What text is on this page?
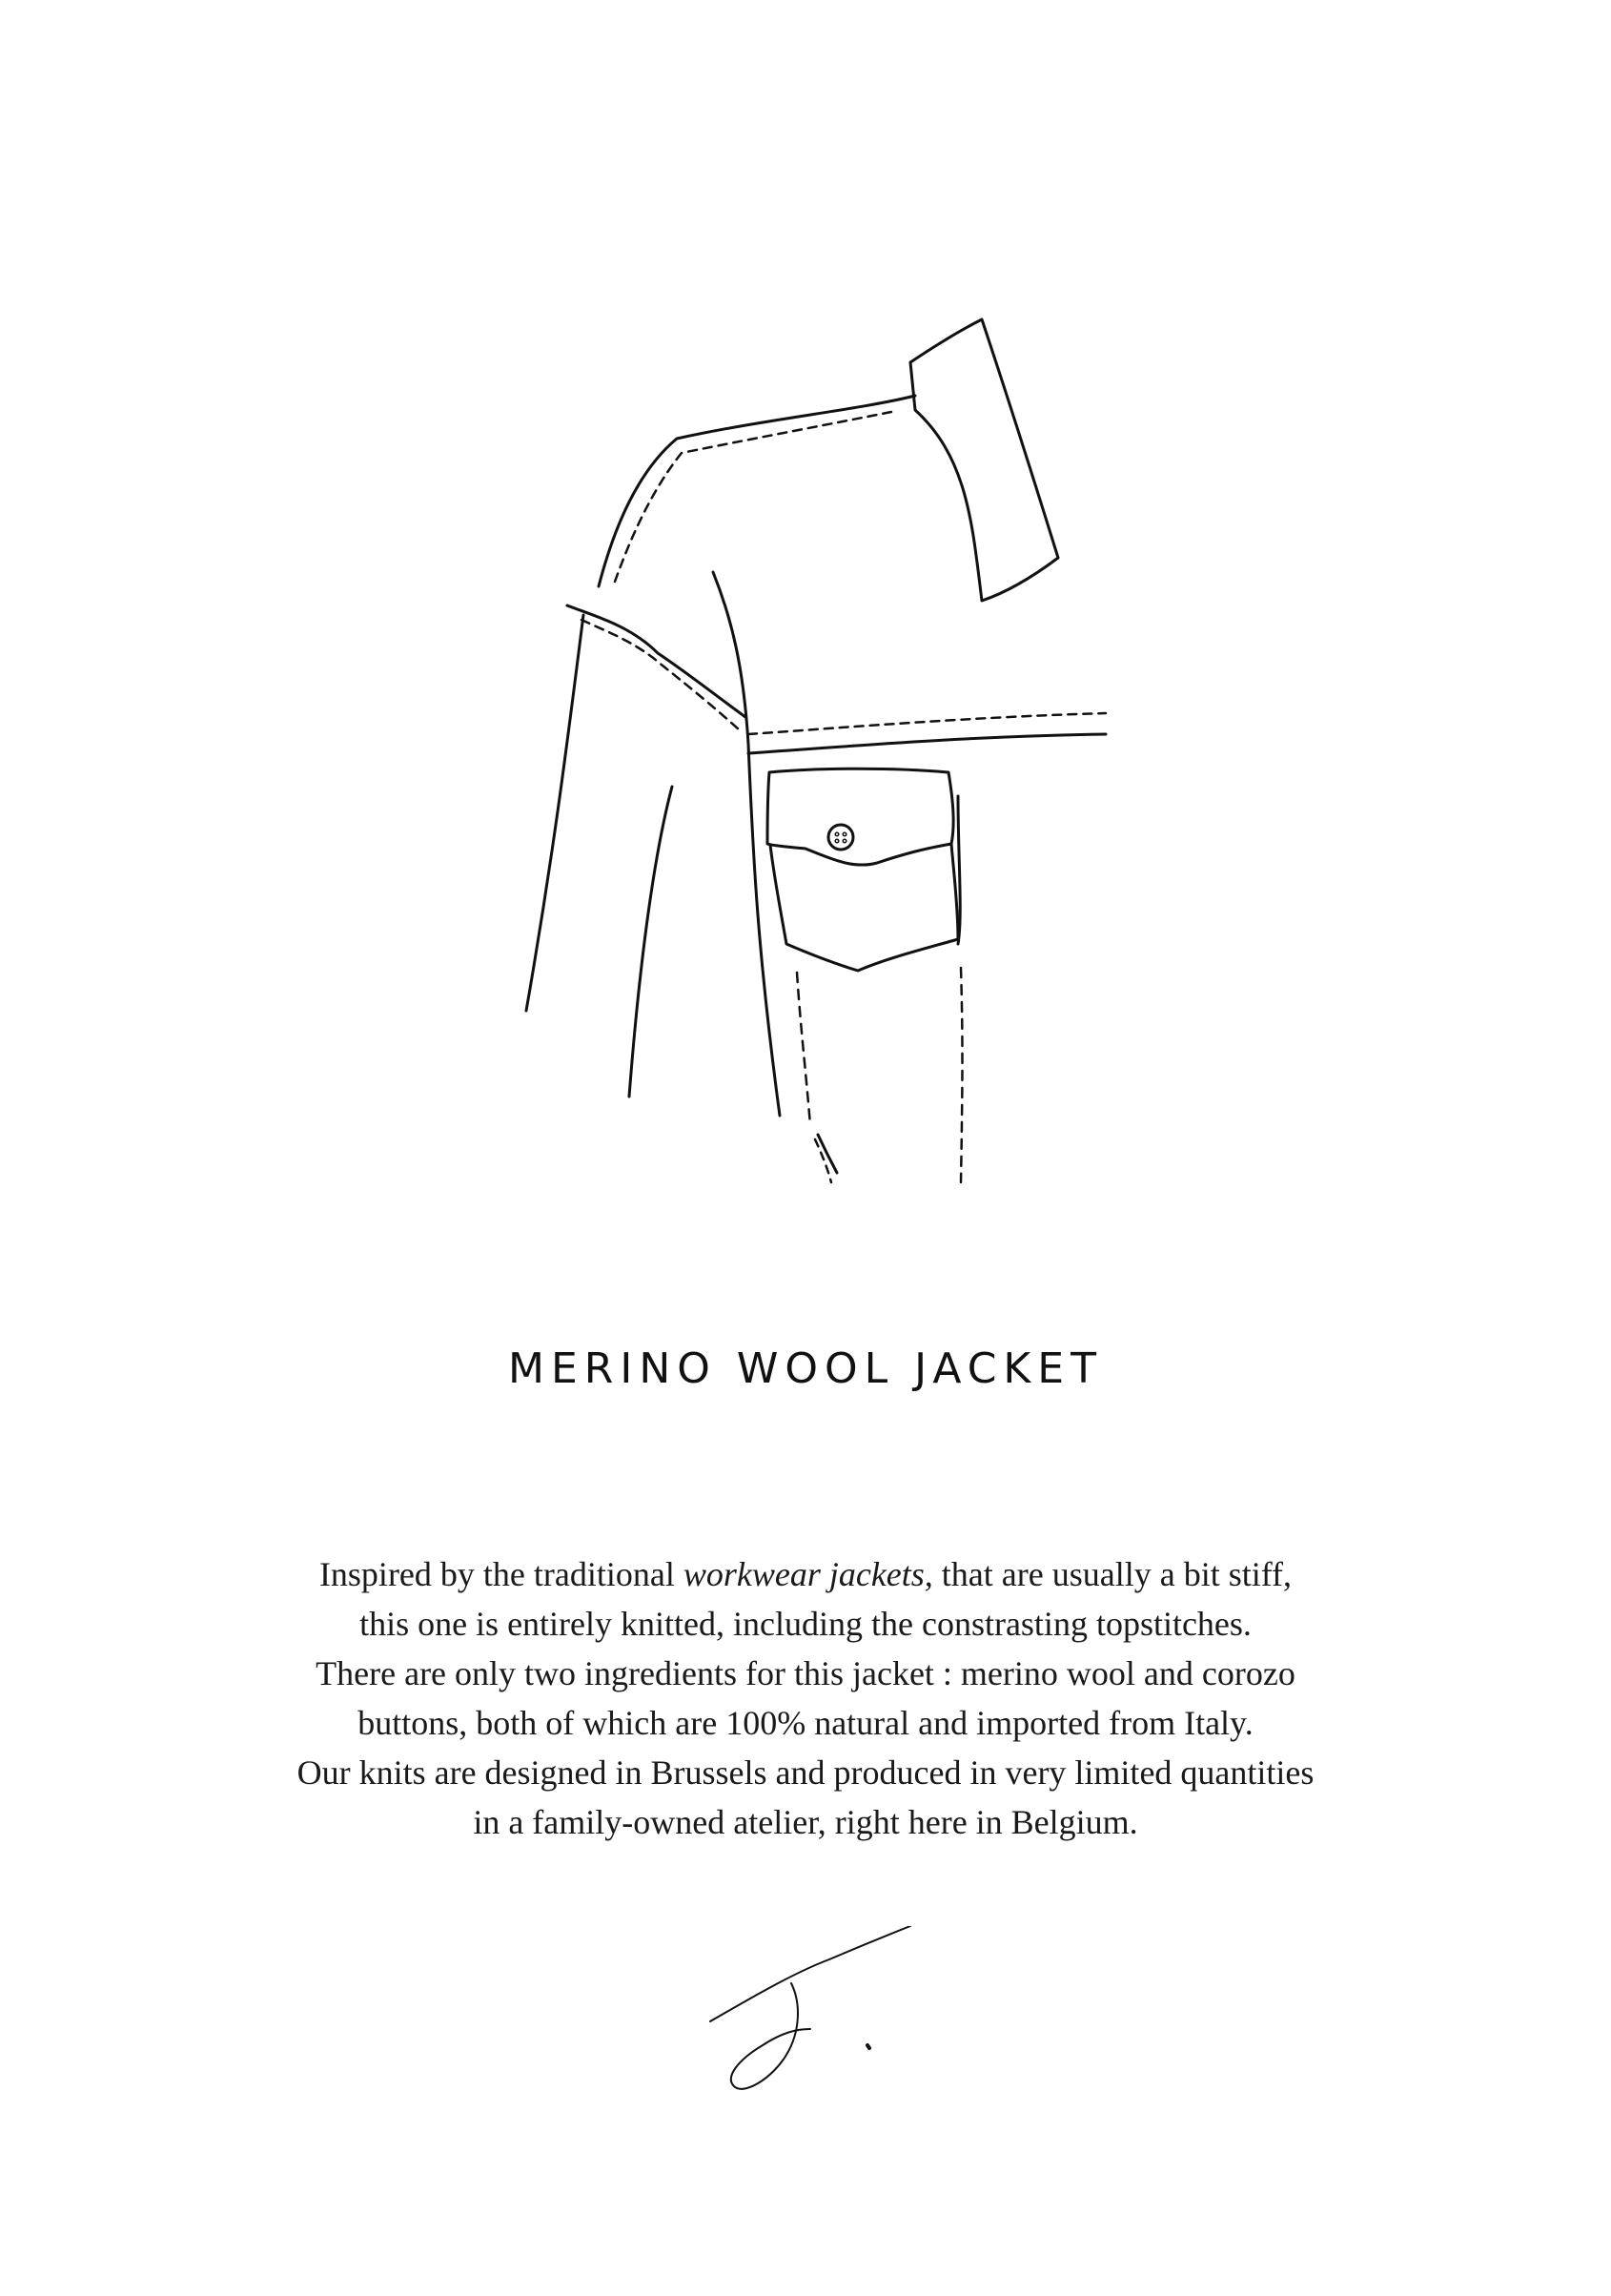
MERINO WOOL JACKET

Inspired by the traditional workwear jackets, that are usually a bit stiff,
this one is entirely knitted, including the constrasting topstitches.
There are only two ingredients for this jacket : merino wool and corozo
buttons, both of which are 100% natural and imported from Italy.
Our knits are designed in Brussels and produced in very limited quantities
in a family-owned atelier, right here in Belgium.
